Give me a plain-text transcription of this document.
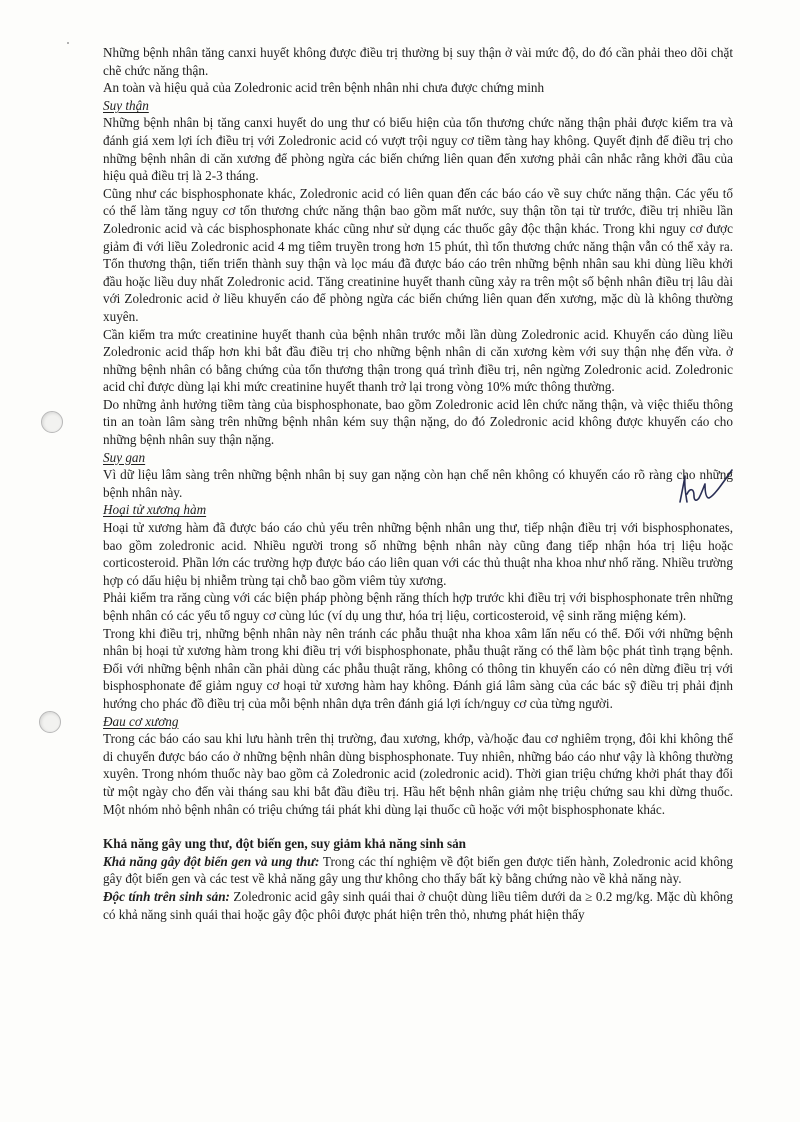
Những bệnh nhân tăng canxi huyết không được điều trị thường bị suy thận ở vài mức độ, do đó cần phải theo dõi chặt chẽ chức năng thận.

An toàn và hiệu quả của Zoledronic acid trên bệnh nhân nhi chưa được chứng minh

Suy thận

Những bệnh nhân bị tăng canxi huyết do ung thư có biểu hiện của tổn thương chức năng thận phải được kiểm tra và đánh giá xem lợi ích điều trị với Zoledronic acid có vượt trội nguy cơ tiềm tàng hay không. Quyết định để điều trị cho những bệnh nhân di căn xương để phòng ngừa các biến chứng liên quan đến xương phải cân nhắc rằng khởi đầu của hiệu quả điều trị là 2-3 tháng.

Cũng như các bisphosphonate khác, Zoledronic acid có liên quan đến các báo cáo về suy chức năng thận. Các yếu tố có thể làm tăng nguy cơ tổn thương chức năng thận bao gồm mất nước, suy thận tồn tại từ trước, điều trị nhiều lần Zoledronic acid và các bisphosphonate khác cũng như sử dụng các thuốc gây độc thận khác. Trong khi nguy cơ được giảm đi với liều Zoledronic acid 4 mg tiêm truyền trong hơn 15 phút, thì tổn thương chức năng thận vẫn có thể xảy ra. Tổn thương thận, tiến triển thành suy thận và lọc máu đã được báo cáo trên những bệnh nhân sau khi dùng liều khởi đầu hoặc liều duy nhất Zoledronic acid. Tăng creatinine huyết thanh cũng xảy ra trên một số bệnh nhân điều trị lâu dài với Zoledronic acid ở liều khuyến cáo để phòng ngừa các biến chứng liên quan đến xương, mặc dù là không thường xuyên.

Cần kiểm tra mức creatinine huyết thanh của bệnh nhân trước mỗi lần dùng Zoledronic acid. Khuyến cáo dùng liều Zoledronic acid thấp hơn khi bắt đầu điều trị cho những bệnh nhân di căn xương kèm với suy thận nhẹ đến vừa. ở những bệnh nhân có bằng chứng của tổn thương thận trong quá trình điều trị, nên ngừng Zoledronic acid. Zoledronic acid chỉ được dùng lại khi mức creatinine huyết thanh trở lại trong vòng 10% mức thông thường.

Do những ảnh hưởng tiềm tàng của bisphosphonate, bao gồm Zoledronic acid lên chức năng thận, và việc thiếu thông tin an toàn lâm sàng trên những bệnh nhân kém suy thận nặng, do đó Zoledronic acid không được khuyến cáo cho những bệnh nhân suy thận nặng.

Suy gan

Vì dữ liệu lâm sàng trên những bệnh nhân bị suy gan nặng còn hạn chế nên không có khuyến cáo rõ ràng cho những bệnh nhân này.

Hoại tử xương hàm

Hoại tử xương hàm đã được báo cáo chủ yếu trên những bệnh nhân ung thư, tiếp nhận điều trị với bisphosphonates, bao gồm zoledronic acid. Nhiều người trong số những bệnh nhân này cũng đang tiếp nhận hóa trị liệu hoặc corticosteroid. Phần lớn các trường hợp được báo cáo liên quan với các thủ thuật nha khoa như nhổ răng. Nhiều trường hợp có dấu hiệu bị nhiễm trùng tại chỗ bao gồm viêm tủy xương.

Phải kiểm tra răng cùng với các biện pháp phòng bệnh răng thích hợp trước khi điều trị với bisphosphonate trên những bệnh nhân có các yếu tố nguy cơ cùng lúc (ví dụ ung thư, hóa trị liệu, corticosteroid, vệ sinh răng miệng kém).

Trong khi điều trị, những bệnh nhân này nên tránh các phẫu thuật nha khoa xâm lấn nếu có thể. Đối với những bệnh nhân bị hoại tử xương hàm trong khi điều trị với bisphosphonate, phẫu thuật răng có thể làm bộc phát tình trạng bệnh. Đối với những bệnh nhân cần phải dùng các phẫu thuật răng, không có thông tin khuyến cáo có nên dừng điều trị với bisphosphonate để giảm nguy cơ hoại tử xương hàm hay không. Đánh giá lâm sàng của các bác sỹ điều trị phải định hướng cho phác đồ điều trị của mỗi bệnh nhân dựa trên đánh giá lợi ích/nguy cơ của từng người.

Đau cơ xương

Trong các báo cáo sau khi lưu hành trên thị trường, đau xương, khớp, và/hoặc đau cơ nghiêm trọng, đôi khi không thể di chuyển được báo cáo ở những bệnh nhân dùng bisphosphonate. Tuy nhiên, những báo cáo như vậy là không thường xuyên. Trong nhóm thuốc này bao gồm cả Zoledronic acid (zoledronic acid). Thời gian triệu chứng khởi phát thay đổi từ một ngày cho đến vài tháng sau khi bắt đầu điều trị. Hầu hết bệnh nhân giảm nhẹ triệu chứng sau khi dừng thuốc. Một nhóm nhỏ bệnh nhân có triệu chứng tái phát khi dùng lại thuốc cũ hoặc với một bisphosphonate khác.

Khả năng gây ung thư, đột biến gen, suy giảm khả năng sinh sản

Khả năng gây đột biến gen và ung thư: Trong các thí nghiệm về đột biến gen được tiến hành, Zoledronic acid không gây đột biến gen và các test về khả năng gây ung thư không cho thấy bất kỳ bằng chứng nào về khả năng này.

Độc tính trên sinh sản: Zoledronic acid gây sinh quái thai ở chuột dùng liều tiêm dưới da ≥ 0.2 mg/kg. Mặc dù không có khả năng sinh quái thai hoặc gây độc phôi được phát hiện trên thỏ, nhưng phát hiện thấy
